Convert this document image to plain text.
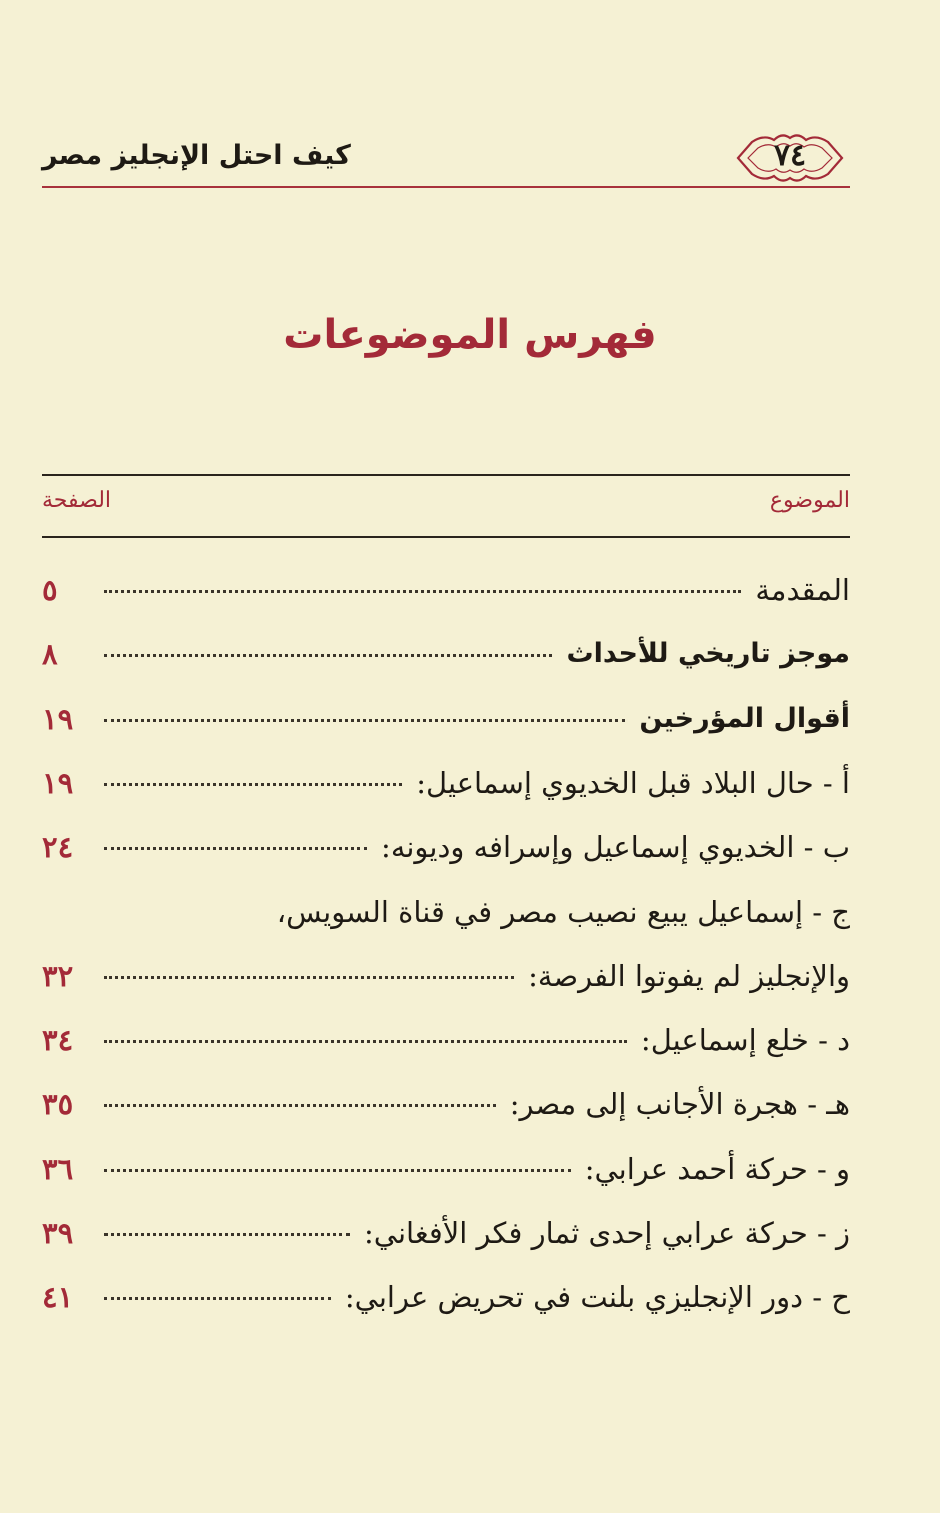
كيف احتل الإنجليز مصر	٧٤
فهرس الموضوعات
الموضوع
الصفحة
المقدمة
٥
موجز تاريخي للأحداث
٨
أقوال المؤرخين
١٩
أ - حال البلاد قبل الخديوي إسماعيل:
١٩
ب - الخديوي إسماعيل وإسرافه وديونه:
٢٤
ج - إسماعيل يبيع نصيب مصر في قناة السويس،
والإنجليز لم يفوتوا الفرصة:
٣٢
د - خلع إسماعيل:
٣٤
هـ - هجرة الأجانب إلى مصر:
٣٥
و - حركة أحمد عرابي:
٣٦
ز - حركة عرابي إحدى ثمار فكر الأفغاني:
٣٩
ح - دور الإنجليزي بلنت في تحريض عرابي:
٤١
